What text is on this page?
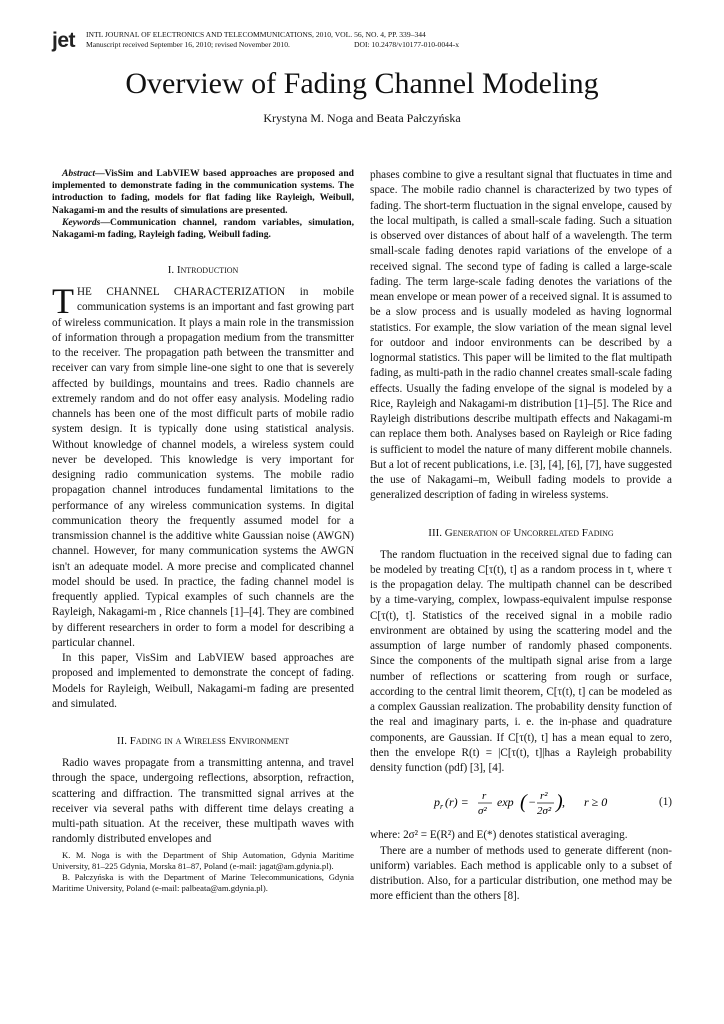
jet INTL JOURNAL OF ELECTRONICS AND TELECOMMUNICATIONS, 2010, VOL. 56, NO. 4, PP. 339–344
Manuscript received September 16, 2010; revised November 2010.	DOI: 10.2478/v10177-010-0044-x
Overview of Fading Channel Modeling
Krystyna M. Noga and Beata Pałczyńska

Abstract—VisSim and LabVIEW based approaches are proposed and implemented to demonstrate fading in the communication systems. The introduction to fading, models for flat fading like Rayleigh, Weibull, Nakagami-m and the results of simulations are presented.

Keywords—Communication channel, random variables, simulation, Nakagami-m fading, Rayleigh fading, Weibull fading.

I. Introduction

THE CHANNEL CHARACTERIZATION in mobile communication systems is an important and fast growing part of wireless communication. It plays a main role in the transmission of information through a propagation medium from the transmitter to the receiver. The propagation path between the transmitter and receiver can vary from simple line-one sight to one that is severely affected by buildings, mountains and trees. Radio channels are extremely random and do not offer easy analysis. Modeling radio channels has been one of the most difficult parts of mobile radio system design. It is typically done using statistical analysis. Without knowledge of channel models, a wireless system could never be developed. This knowledge is very important for designing radio communication systems. The mobile radio propagation channel introduces fundamental limitations to the performance of any wireless communication systems. In digital communication theory the frequently assumed model for a transmission channel is the additive white Gaussian noise (AWGN) channel. However, for many communication systems the AWGN isn't an adequate model. A more precise and complicated channel model should be used. In practice, the fading channel model is frequently applied. Typical examples of such channels are the Rayleigh, Nakagami-m , Rice channels [1]–[4]. They are combined by different researchers in order to form a model for describing a particular channel.

In this paper, VisSim and LabVIEW based approaches are proposed and implemented to demonstrate the concept of fading. Models for Rayleigh, Weibull, Nakagami-m fading are presented and simulated.

II. Fading in a Wireless Environment

Radio waves propagate from a transmitting antenna, and travel through the space, undergoing reflections, absorption, refraction, scattering and diffraction. The transmitted signal arrives at the receiver via several paths with different time delays creating a multi-path situation. At the receiver, these multipath waves with randomly distributed envelopes and

K. M. Noga is with the Department of Ship Automation, Gdynia Maritime University, 81–225 Gdynia, Morska 81–87, Poland (e-mail: jagat@am.gdynia.pl).

B. Pałczyńska is with the Department of Marine Telecommunications, Gdynia Maritime University, Poland (e-mail: palbeata@am.gdynia.pl).

phases combine to give a resultant signal that fluctuates in time and space. The mobile radio channel is characterized by two types of fading. The short-term fluctuation in the signal envelope, caused by the local multipath, is called a small-scale fading. Such a situation is observed over distances of about half of a wavelength. The term small-scale fading denotes rapid variations of the envelope of a received signal. The second type of fading is called a large-scale fading. The term large-scale fading denotes the variations of the mean envelope or mean power of a received signal. It is assumed to be a slow process and is usually modeled as having lognormal statistics. For example, the slow variation of the mean signal level for outdoor and indoor environments can be described by a lognormal statistics. This paper will be limited to the flat multipath fading, as multi-path in the radio channel creates small-scale fading effects. Usually the fading envelope of the signal is modeled by a Rice, Rayleigh and Nakagami-m distribution [1]–[5]. The Rice and Rayleigh distributions describe multipath effects and Nakagami-m can replace them both. Analyses based on Rayleigh or Rice fading is sufficient to model the nature of many different mobile channels. But a lot of recent publications, i.e. [3], [4], [6], [7], have suggested the use of Nakagami–m, Weibull fading models to provide a generalized description of fading in wireless systems.

III. Generation of Uncorrelated Fading

The random fluctuation in the received signal due to fading can be modeled by treating C[τ(t), t] as a random process in t, where τ is the propagation delay. The multipath channel can be described by a time-varying, complex, lowpass-equivalent impulse response C[τ(t), t]. Statistics of the received signal in a mobile radio environment are obtained by using the scattering model and the assumption of large number of randomly phased components. Since the components of the multipath signal arise from a large number of reflections or scattering from rough or surface, according to the central limit theorem, C[τ(t), t] can be modeled as a complex Gaussian realization. The probability density function of the real and imaginary parts, i. e. the in-phase and quadrature components, are Gaussian. If C[τ(t), t] has a mean equal to zero, then the envelope R(t) = |C[τ(t), t]|has a Rayleigh probability density function (pdf) [3], [4].

p r (r) = r
σ²
exp ( − r²
2σ² ) , r ≥ 0	(1)

where: 2σ² = E(R²) and E(*) denotes statistical averaging.

There are a number of methods used to generate different (non-uniform) variables. Each method is applicable only to a subset of distribution. Also, for a particular distribution, one method may be more efficient than the others [8].
